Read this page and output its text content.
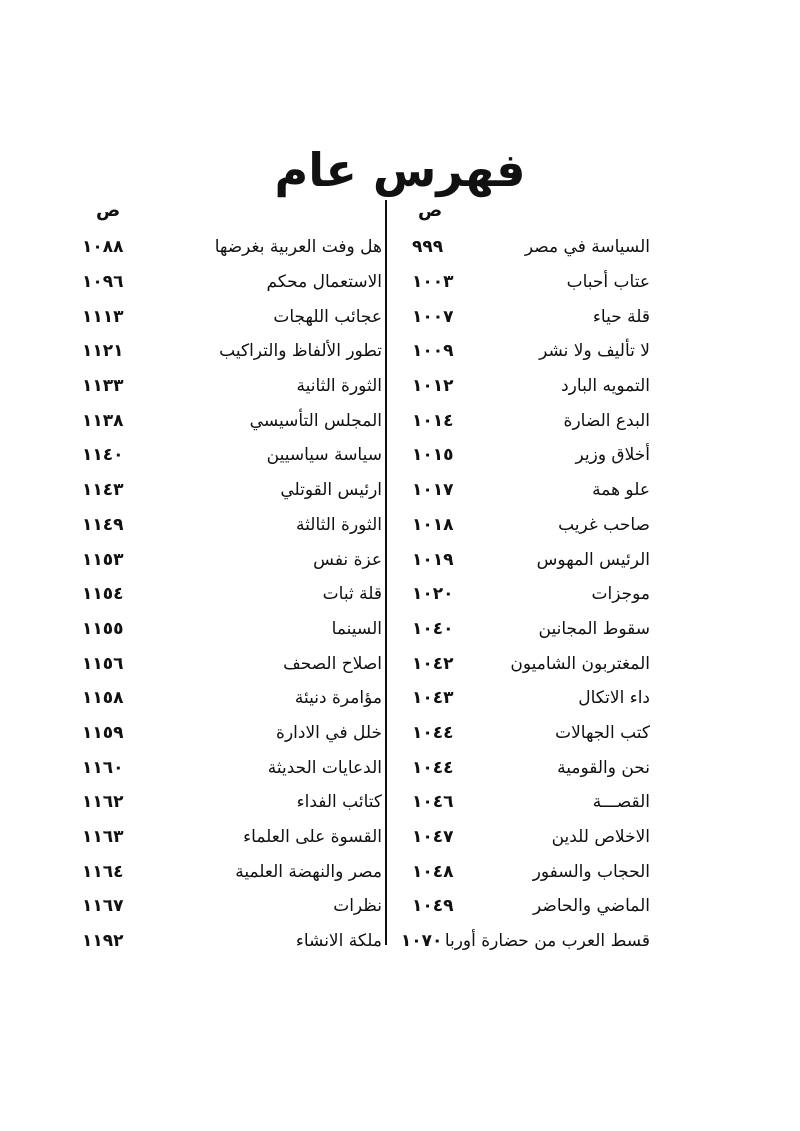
فهرس عام
ص
السياسة في مصر
٩٩٩
عتاب أحباب
١٠٠٣
قلة حياء
١٠٠٧
لا تأليف ولا نشر
١٠٠٩
التمويه البارد
١٠١٢
البدع الضارة
١٠١٤
أخلاق وزير
١٠١٥
علو همة
١٠١٧
صاحب غريب
١٠١٨
الرئيس المهوس
١٠١٩
موجزات
١٠٢٠
سقوط المجانين
١٠٤٠
المغتربون الشاميون
١٠٤٢
داء الاتكال
١٠٤٣
كتب الجهالات
١٠٤٤
نحن والقومية
١٠٤٤
القصـــة
١٠٤٦
الاخلاص للدين
١٠٤٧
الحجاب والسفور
١٠٤٨
الماضي والحاضر
١٠٤٩
قسط العرب من حضارة أوربا
١٠٧٠
ص
هل وفت العربية بغرضها
١٠٨٨
الاستعمال محكم
١٠٩٦
عجائب اللهجات
١١١٣
تطور الألفاظ والتراكيب
١١٢١
الثورة الثانية
١١٣٣
المجلس التأسيسي
١١٣٨
سياسة سياسيين
١١٤٠
ارئيس القوتلي
١١٤٣
الثورة الثالثة
١١٤٩
عزة نفس
١١٥٣
قلة ثبات
١١٥٤
السينما
١١٥٥
اصلاح الصحف
١١٥٦
مؤامرة دنيئة
١١٥٨
خلل في الادارة
١١٥٩
الدعايات الحديثة
١١٦٠
كتائب الفداء
١١٦٢
القسوة على العلماء
١١٦٣
مصر والنهضة العلمية
١١٦٤
نظرات
١١٦٧
ملكة الانشاء
١١٩٢
